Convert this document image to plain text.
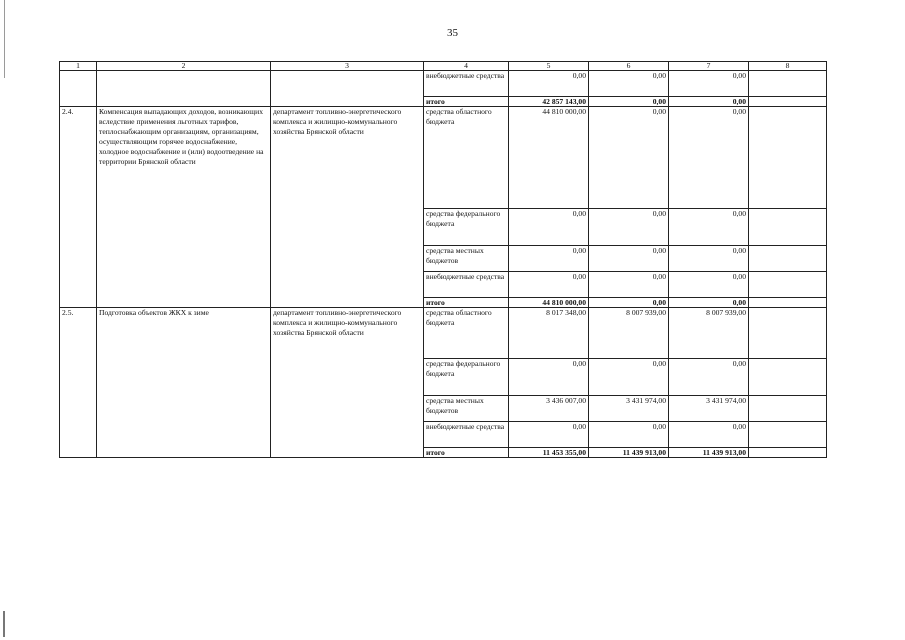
35
1	2	3	4	5	6	7	8
			внебюджетные средства	0,00	0,00	0,00	
			итого	42 857 143,00	0,00	0,00	
2.4.	Компенсация выпадающих доходов, возникающих вследствие применения льготных тарифов, теплоснабжающим организациям, организациям, осуществляющим горячее водоснабжение, холодное водоснабжение и (или) водоотведение на территории Брянской области	департамент топливно-энергетического комплекса и жилищно-коммунального хозяйства Брянской области	средства областного бюджета	44 810 000,00	0,00	0,00	
			средства федерального бюджета	0,00	0,00	0,00	
			средства местных бюджетов	0,00	0,00	0,00	
			внебюджетные средства	0,00	0,00	0,00	
			итого	44 810 000,00	0,00	0,00	
2.5.	Подготовка объектов ЖКХ к зиме	департамент топливно-энергетического комплекса и жилищно-коммунального хозяйства Брянской области	средства областного бюджета	8 017 348,00	8 007 939,00	8 007 939,00	
			средства федерального бюджета	0,00	0,00	0,00	
			средства местных бюджетов	3 436 007,00	3 431 974,00	3 431 974,00	
			внебюджетные средства	0,00	0,00	0,00	
			итого	11 453 355,00	11 439 913,00	11 439 913,00	
